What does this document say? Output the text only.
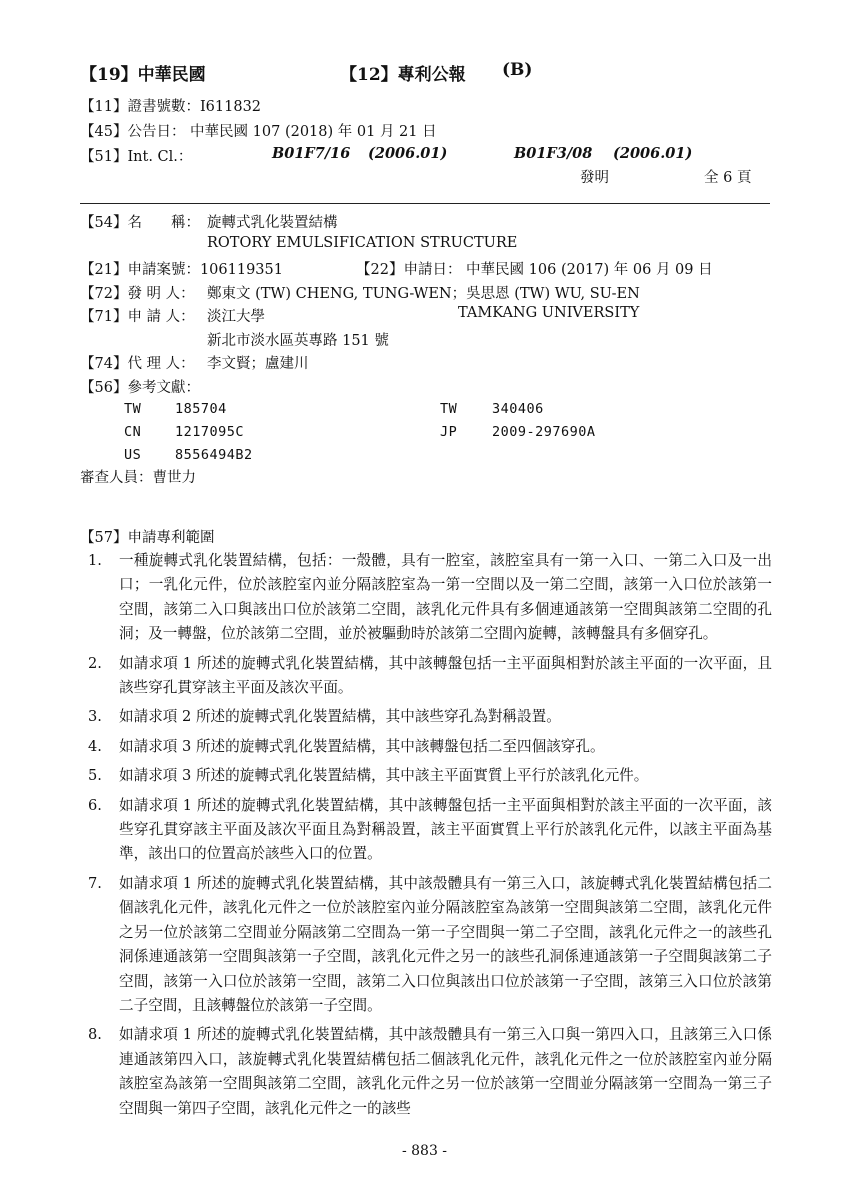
【19】中華民國	【12】專利公報 (B)
【11】證書號數：I611832
【45】公告日： 中華民國 107 (2018) 年 01 月 21 日
【51】Int. Cl.：	B01F7/16 (2006.01)	B01F3/08 (2006.01)
發明	全 6 頁
【54】名　　稱： 旋轉式乳化裝置結構
ROTORY EMULSIFICATION STRUCTURE
【21】申請案號：106119351	【22】申請日： 中華民國 106 (2017) 年 06 月 09 日
【72】發 明 人： 鄭東文 (TW) CHENG, TUNG-WEN；吳思恩 (TW) WU, SU-EN
【71】申 請 人： 淡江大學	TAMKANG UNIVERSITY
新北市淡水區英專路 151 號
【74】代 理 人： 李文賢；盧建川
【56】參考文獻：
TW 185704	TW	340406
CN 1217095C	JP	2009-297690A
US 8556494B2
審查人員：曹世力
【57】申請專利範圍
1. 一種旋轉式乳化裝置結構，包括：一殼體，具有一腔室，該腔室具有一第一入口、一第二入口及一出口；一乳化元件，位於該腔室內並分隔該腔室為一第一空間以及一第二空間，該第一入口位於該第一空間，該第二入口與該出口位於該第二空間，該乳化元件具有多個連通該第一空間與該第二空間的孔洞；及一轉盤，位於該第二空間，並於被驅動時於該第二空間內旋轉，該轉盤具有多個穿孔。
2. 如請求項 1 所述的旋轉式乳化裝置結構，其中該轉盤包括一主平面與相對於該主平面的一次平面，且該些穿孔貫穿該主平面及該次平面。
3. 如請求項 2 所述的旋轉式乳化裝置結構，其中該些穿孔為對稱設置。
4. 如請求項 3 所述的旋轉式乳化裝置結構，其中該轉盤包括二至四個該穿孔。
5. 如請求項 3 所述的旋轉式乳化裝置結構，其中該主平面實質上平行於該乳化元件。
6. 如請求項 1 所述的旋轉式乳化裝置結構，其中該轉盤包括一主平面與相對於該主平面的一次平面，該些穿孔貫穿該主平面及該次平面且為對稱設置，該主平面實質上平行於該乳化元件，以該主平面為基準，該出口的位置高於該些入口的位置。
7. 如請求項 1 所述的旋轉式乳化裝置結構，其中該殼體具有一第三入口，該旋轉式乳化裝置結構包括二個該乳化元件，該乳化元件之一位於該腔室內並分隔該腔室為該第一空間與該第二空間，該乳化元件之另一位於該第二空間並分隔該第二空間為一第一子空間與一第二子空間，該乳化元件之一的該些孔洞係連通該第一空間與該第一子空間，該乳化元件之另一的該些孔洞係連通該第一子空間與該第二子空間，該第一入口位於該第一空間，該第二入口位與該出口位於該第一子空間，該第三入口位於該第二子空間，且該轉盤位於該第一子空間。
8. 如請求項 1 所述的旋轉式乳化裝置結構，其中該殼體具有一第三入口與一第四入口，且該第三入口係連通該第四入口，該旋轉式乳化裝置結構包括二個該乳化元件，該乳化元件之一位於該腔室內並分隔該腔室為該第一空間與該第二空間，該乳化元件之另一位於該第一空間並分隔該第一空間為一第三子空間與一第四子空間，該乳化元件之一的該些
- 883 -
